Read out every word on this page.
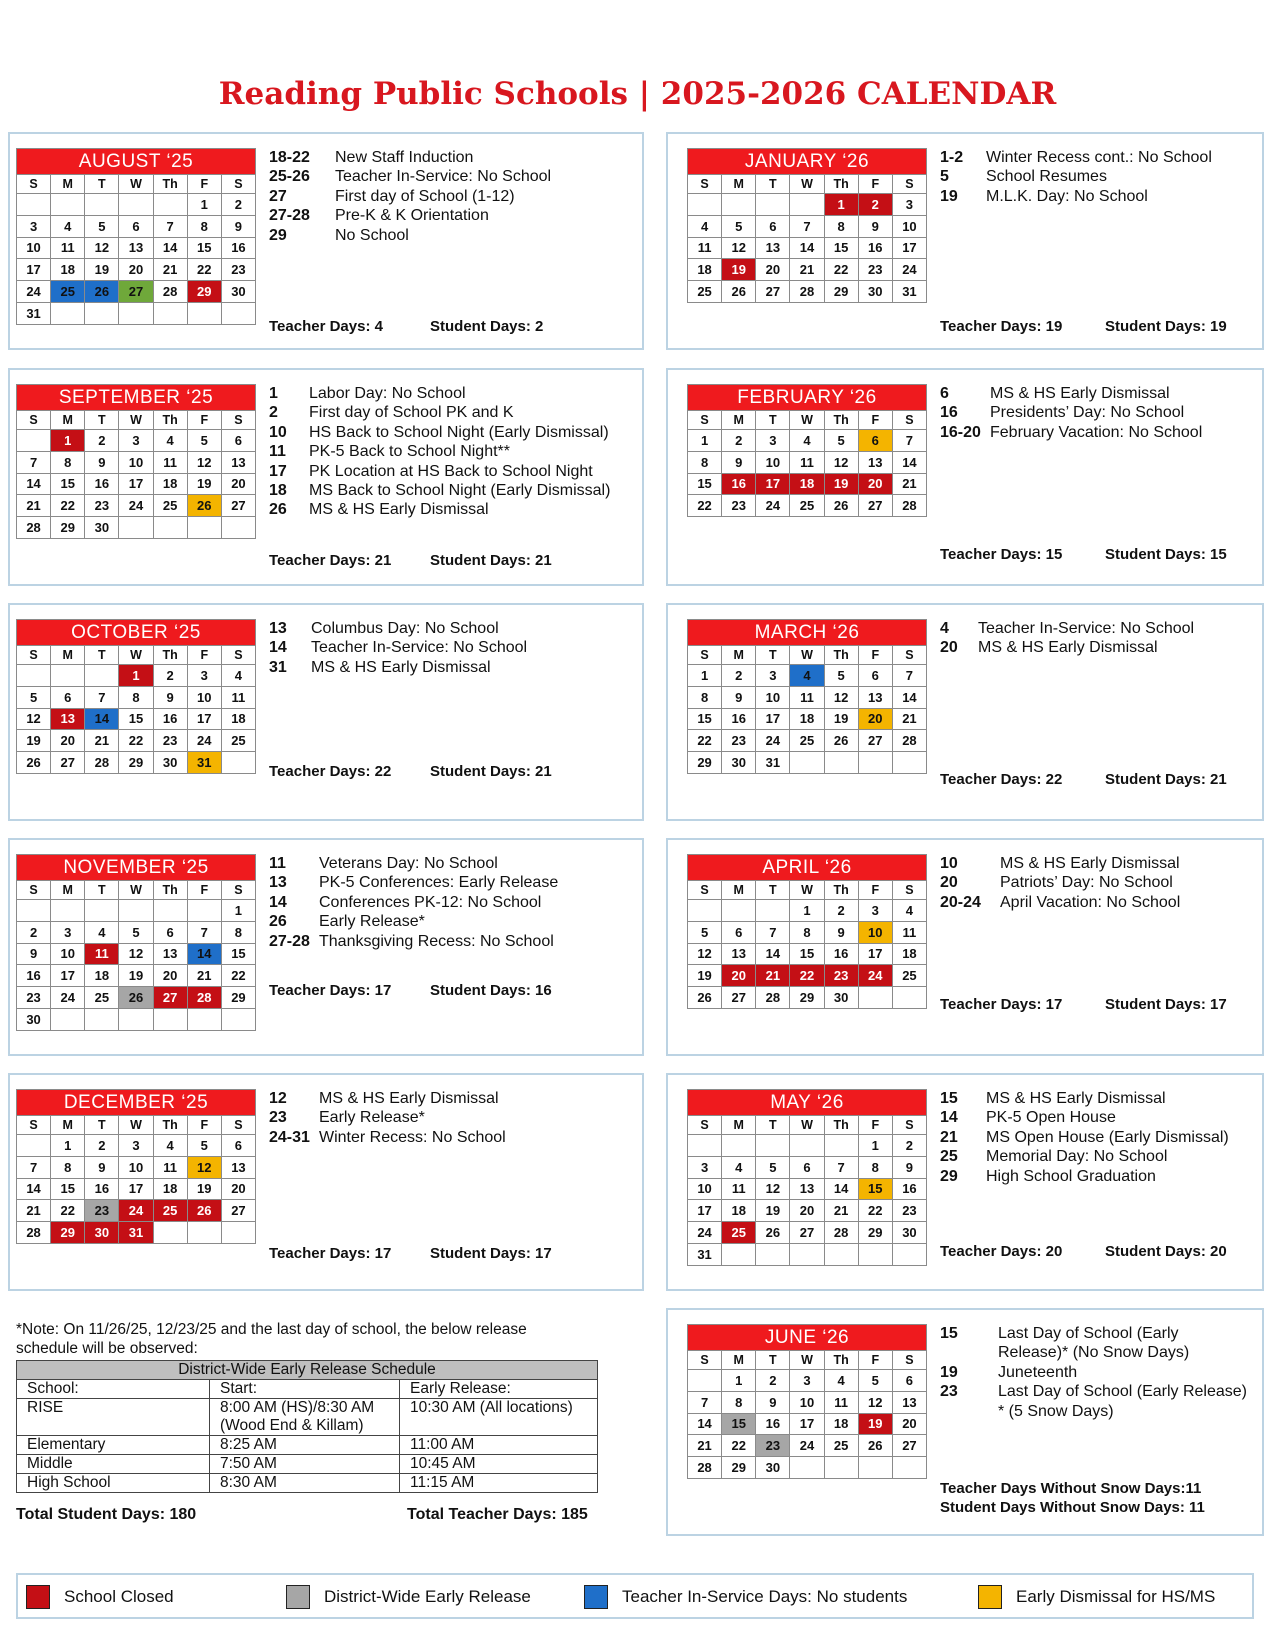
Reading Public Schools | 2025-2026 CALENDAR
AUGUST ‘25						
S	M	T	W	Th	F	S
					1	2
3	4	5	6	7	8	9
10	11	12	13	14	15	16
17	18	19	20	21	22	23
24	25	26	27	28	29	30
31						
18-22	New Staff Induction
25-26	Teacher In-Service: No School
27	First day of School (1-12)
27-28	Pre-K & K Orientation
29	No School
Teacher Days: 4	Student Days: 2
JANUARY ‘26						
S	M	T	W	Th	F	S
				1	2	3
4	5	6	7	8	9	10
11	12	13	14	15	16	17
18	19	20	21	22	23	24
25	26	27	28	29	30	31
1-2	Winter Recess cont.: No School
5	School Resumes
19	M.L.K. Day: No School
Teacher Days: 19	Student Days: 19
SEPTEMBER ‘25						
S	M	T	W	Th	F	S
	1	2	3	4	5	6
7	8	9	10	11	12	13
14	15	16	17	18	19	20
21	22	23	24	25	26	27
28	29	30				
1	Labor Day: No School
2	First day of School PK and K
10	HS Back to School Night (Early Dismissal)
11	PK-5 Back to School Night**
17	PK Location at HS Back to School Night
18	MS Back to School Night (Early Dismissal)
26	MS & HS Early Dismissal
Teacher Days: 21	Student Days: 21
FEBRUARY ‘26						
S	M	T	W	Th	F	S
1	2	3	4	5	6	7
8	9	10	11	12	13	14
15	16	17	18	19	20	21
22	23	24	25	26	27	28
6	MS & HS Early Dismissal
16	Presidents’ Day: No School
16-20 February Vacation: No School
Teacher Days: 15	Student Days: 15
OCTOBER ‘25						
S	M	T	W	Th	F	S
			1	2	3	4
5	6	7	8	9	10	11
12	13	14	15	16	17	18
19	20	21	22	23	24	25
26	27	28	29	30	31	
13	Columbus Day: No School
14	Teacher In-Service: No School
31	MS & HS Early Dismissal
Teacher Days: 22	Student Days: 21
MARCH ‘26						
S	M	T	W	Th	F	S
1	2	3	4	5	6	7
8	9	10	11	12	13	14
15	16	17	18	19	20	21
22	23	24	25	26	27	28
29	30	31				
4	Teacher In-Service: No School
20	MS & HS Early Dismissal
Teacher Days: 22	Student Days: 21
NOVEMBER ‘25						
S	M	T	W	Th	F	S
						1
2	3	4	5	6	7	8
9	10	11	12	13	14	15
16	17	18	19	20	21	22
23	24	25	26	27	28	29
30						
11	Veterans Day: No School
13	PK-5 Conferences: Early Release
14	Conferences PK-12: No School
26	Early Release*
27-28 Thanksgiving Recess: No School
Teacher Days: 17	Student Days: 16
APRIL ‘26						
S	M	T	W	Th	F	S
			1	2	3	4
5	6	7	8	9	10	11
12	13	14	15	16	17	18
19	20	21	22	23	24	25
26	27	28	29	30		
10	MS & HS Early Dismissal
20	Patriots’ Day: No School
20-24	April Vacation: No School
Teacher Days: 17	Student Days: 17
DECEMBER ‘25						
S	M	T	W	Th	F	S
	1	2	3	4	5	6
7	8	9	10	11	12	13
14	15	16	17	18	19	20
21	22	23	24	25	26	27
28	29	30	31			
12	MS & HS Early Dismissal
23	Early Release*
24-31 Winter Recess: No School
Teacher Days: 17	Student Days: 17
MAY ‘26						
S	M	T	W	Th	F	S
					1	2
3	4	5	6	7	8	9
10	11	12	13	14	15	16
17	18	19	20	21	22	23
24	25	26	27	28	29	30
31						
15	MS & HS Early Dismissal
14	PK-5 Open House
21	MS Open House (Early Dismissal)
25	Memorial Day: No School
29	High School Graduation
Teacher Days: 20	Student Days: 20
JUNE ‘26						
S	M	T	W	Th	F	S
	1	2	3	4	5	6
7	8	9	10	11	12	13
14	15	16	17	18	19	20
21	22	23	24	25	26	27
28	29	30				
15	Last Day of School (Early Release)* (No Snow Days)
19	Juneteenth
23	Last Day of School (Early Release) * (5 Snow Days)
Teacher Days Without Snow Days:11
Student Days Without Snow Days: 11
*Note: On 11/26/25, 12/23/25 and the last day of school, the below release schedule will be observed:
District-Wide Early Release Schedule		
School:	Start:	Early Release:
RISE	8:00 AM (HS)/8:30 AM (Wood End & Killam)	10:30 AM (All locations)
Elementary	8:25 AM	11:00 AM
Middle	7:50 AM	10:45 AM
High School	8:30 AM	11:15 AM
Total Student Days: 180	Total Teacher Days: 185
School Closed	District-Wide Early Release	Teacher In-Service Days: No students	Early Dismissal for HS/MS
